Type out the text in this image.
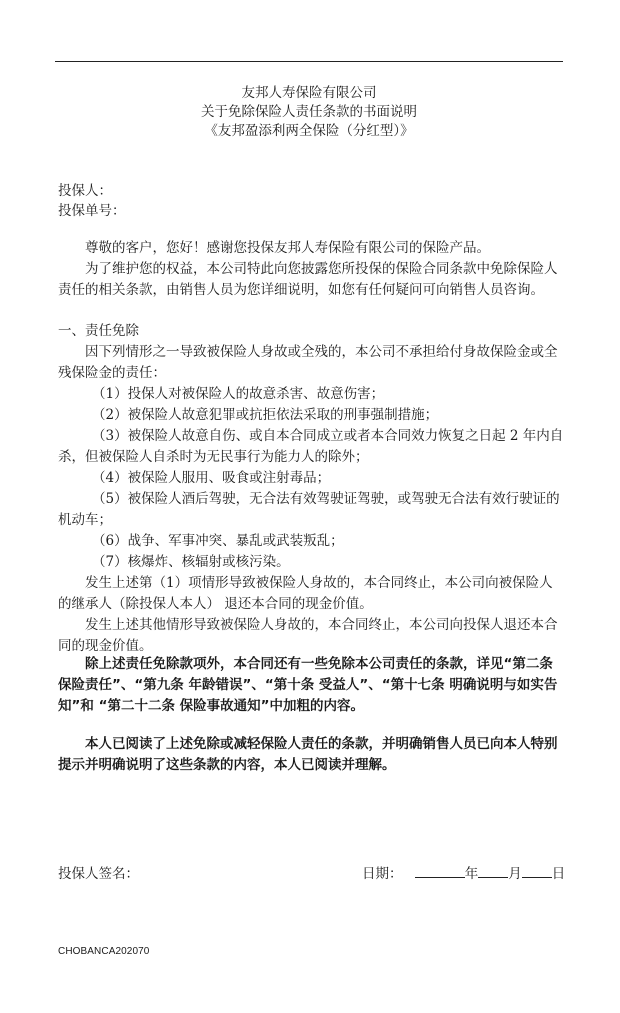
友邦人寿保险有限公司
关于免除保险人责任条款的书面说明
《友邦盈添利两全保险（分红型）》
投保人：
投保单号：

尊敬的客户，您好！感谢您投保友邦人寿保险有限公司的保险产品。

为了维护您的权益，本公司特此向您披露您所投保的保险合同条款中免除保险人责任的相关条款，由销售人员为您详细说明，如您有任何疑问可向销售人员咨询。

一、责任免除

因下列情形之一导致被保险人身故或全残的，本公司不承担给付身故保险金或全残保险金的责任：

（1）投保人对被保险人的故意杀害、故意伤害；

（2）被保险人故意犯罪或抗拒依法采取的刑事强制措施；

（3）被保险人故意自伤、或自本合同成立或者本合同效力恢复之日起 2 年内自杀，但被保险人自杀时为无民事行为能力人的除外；

（4）被保险人服用、吸食或注射毒品；

（5）被保险人酒后驾驶，无合法有效驾驶证驾驶，或驾驶无合法有效行驶证的机动车；

（6）战争、军事冲突、暴乱或武装叛乱；

（7）核爆炸、核辐射或核污染。

发生上述第（1）项情形导致被保险人身故的，本合同终止，本公司向被保险人的继承人（除投保人本人） 退还本合同的现金价值。

发生上述其他情形导致被保险人身故的，本合同终止，本公司向投保人退还本合同的现金价值。

除上述责任免除款项外，本合同还有一些免除本公司责任的条款，详见“第二条 保险责任”、“第九条 年龄错误”、“第十条 受益人”、“第十七条 明确说明与如实告知”和 “第二十二条 保险事故通知”中加粗的内容。

本人已阅读了上述免除或减轻保险人责任的条款，并明确销售人员已向本人特别提示并明确说明了这些条款的内容，本人已阅读并理解。

投保人签名：	日期：	年 月 日
CHOBANCA202070
